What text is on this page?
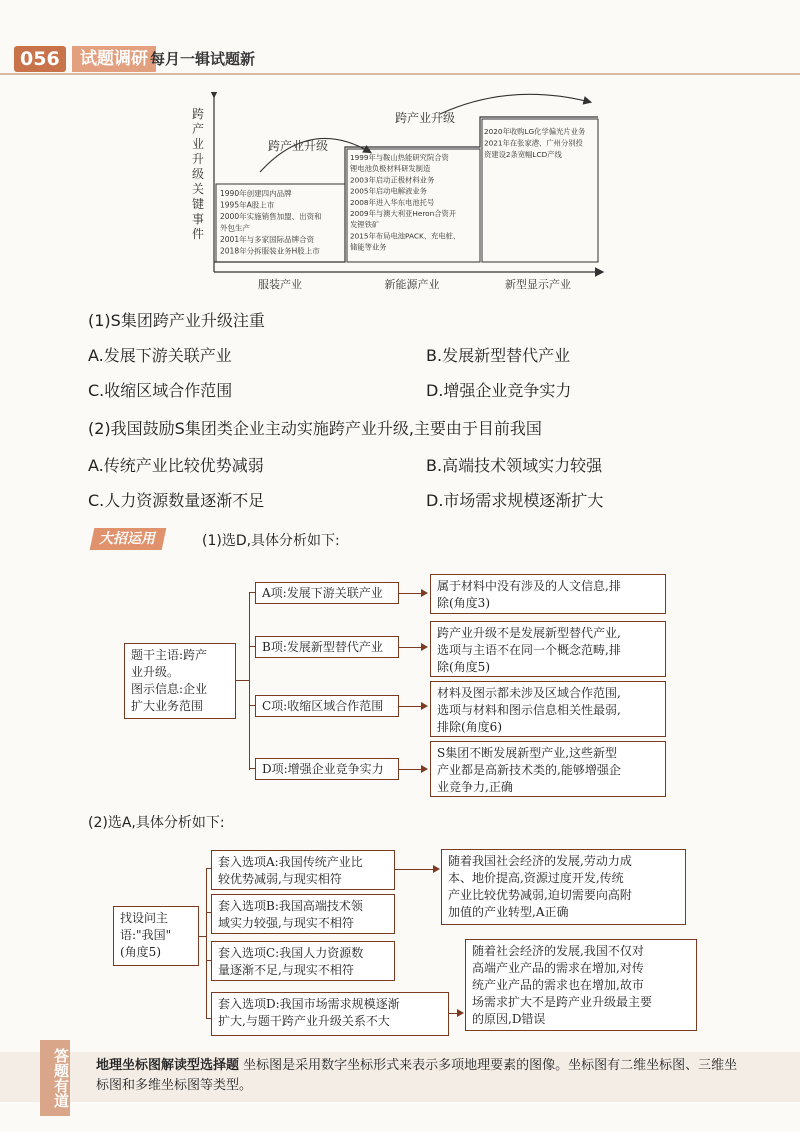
056	试题调研 每月一辑试题新
跨
产
业
升
级
关
键
事
件
跨产业升级
跨产业升级
1990年创建四内品牌
1995年A股上市
2000年实施销售加盟、出资和
外包生产
2001年与多家国际品牌合资
2018年分拆服装业务H股上市
1999年与鞍山热能研究院合资
锂电池负极材料研发制造
2003年启动正极材料业务
2005年启动电解液业务
2008年进入华东电池托号
2009年与澳大利亚Heron合资开
发锂铁矿
2015年布局电池PACK、充电桩、
储能等业务
2020年收购LG化学偏光片业务
2021年在张家港、广州分别投
资建设2条宽幅LCD产线
服装产业	新能源产业	新型显示产业
(1)S集团跨产业升级注重
A.发展下游关联产业	B.发展新型替代产业
C.收缩区域合作范围	D.增强企业竞争实力
(2)我国鼓励S集团类企业主动实施跨产业升级,主要由于目前我国
A.传统产业比较优势减弱	B.高端技术领域实力较强
C.人力资源数量逐渐不足	D.市场需求规模逐渐扩大
大招运用	(1)选D,具体分析如下:
题干主语:跨产
业升级。
图示信息:企业
扩大业务范围
A项:发展下游关联产业
B项:发展新型替代产业
C项:收缩区域合作范围
D项:增强企业竞争实力
属于材料中没有涉及的人文信息,排
除(角度3)
跨产业升级不是发展新型替代产业,
选项与主语不在同一个概念范畴,排
除(角度5)
材料及图示都未涉及区域合作范围,
选项与材料和图示信息相关性最弱,
排除(角度6)
S集团不断发展新型产业,这些新型
产业都是高新技术类的,能够增强企
业竞争力,正确
(2)选A,具体分析如下:
找设问主
语:"我国"
(角度5)
套入选项A:我国传统产业比
较优势减弱,与现实相符
套入选项B:我国高端技术领
域实力较强,与现实不相符
套入选项C:我国人力资源数
量逐渐不足,与现实不相符
套入选项D:我国市场需求规模逐渐
扩大,与题干跨产业升级关系不大
随着我国社会经济的发展,劳动力成
本、地价提高,资源过度开发,传统
产业比较优势减弱,迫切需要向高附
加值的产业转型,A正确
随着社会经济的发展,我国不仅对
高端产业产品的需求在增加,对传
统产业产品的需求也在增加,故市
场需求扩大不是跨产业升级最主要
的原因,D错误
答题有道 地理坐标图解读型选择题 坐标图是采用数字坐标形式来表示多项地理要素的图像。坐标图有二维坐标图、三维坐标图和多维坐标图等类型。
